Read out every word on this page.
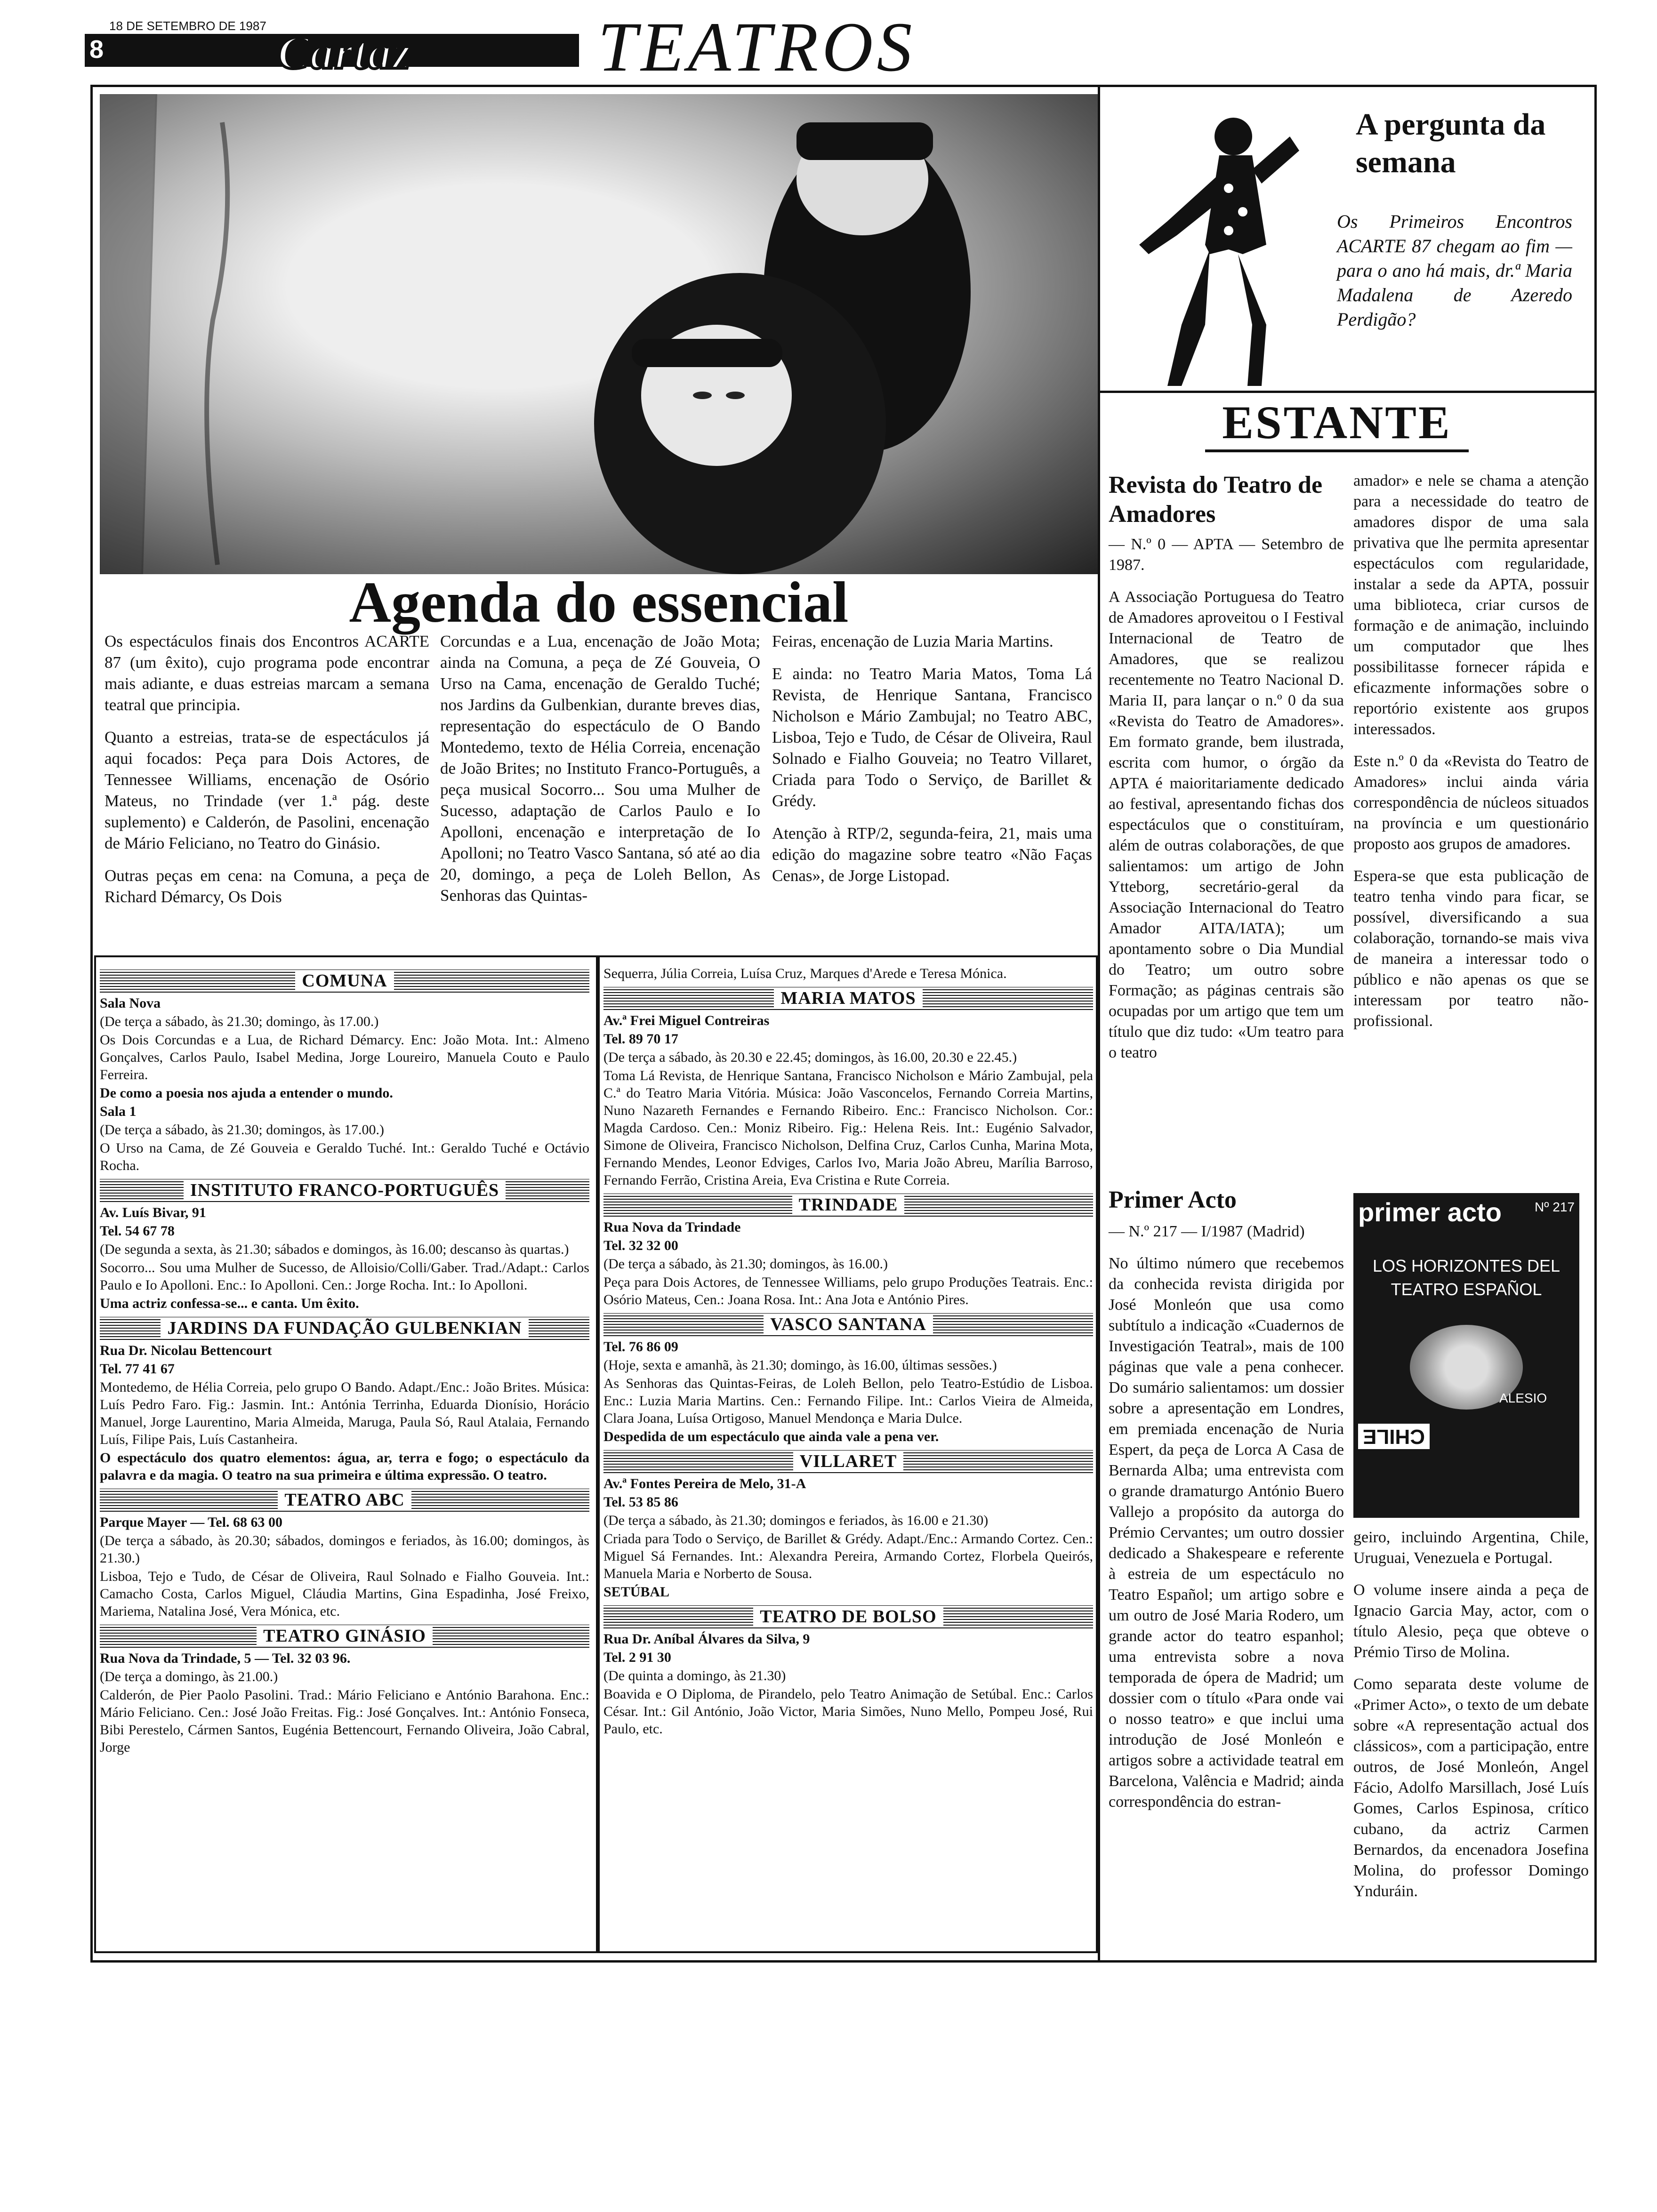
18 DE SETEMBRO DE 1987
8	Cartaz	TEATROS
Agenda do essencial

Os espectáculos finais dos Encontros ACARTE 87 (um êxito), cujo programa pode encontrar mais adiante, e duas estreias marcam a semana teatral que principia.

Quanto a estreias, trata-se de espectáculos já aqui focados: Peça para Dois Actores, de Tennessee Williams, encenação de Osório Mateus, no Trindade (ver 1.ª pág. deste suplemento) e Calderón, de Pasolini, encenação de Mário Feliciano, no Teatro do Ginásio.

Outras peças em cena: na Comuna, a peça de Richard Démarcy, Os Dois

Corcundas e a Lua, encenação de João Mota; ainda na Comuna, a peça de Zé Gouveia, O Urso na Cama, encenação de Geraldo Tuché; nos Jardins da Gulbenkian, durante breves dias, representação do espectáculo de O Bando Montedemo, texto de Hélia Correia, encenação de João Brites; no Instituto Franco-Português, a peça musical Socorro... Sou uma Mulher de Sucesso, adaptação de Carlos Paulo e Io Apolloni, encenação e interpretação de Io Apolloni; no Teatro Vasco Santana, só até ao dia 20, domingo, a peça de Loleh Bellon, As Senhoras das Quintas-

Feiras, encenação de Luzia Maria Martins.

E ainda: no Teatro Maria Matos, Toma Lá Revista, de Henrique Santana, Francisco Nicholson e Mário Zambujal; no Teatro ABC, Lisboa, Tejo e Tudo, de César de Oliveira, Raul Solnado e Fialho Gouveia; no Teatro Villaret, Criada para Todo o Serviço, de Barillet & Grédy.

Atenção à RTP/2, segunda-feira, 21, mais uma edição do magazine sobre teatro «Não Faças Cenas», de Jorge Listopad.

A pergunta da semana
Os Primeiros Encontros ACARTE 87 chegam ao fim — para o ano há mais, dr.ª Maria Madalena de Azeredo Perdigão?
ESTANTE
Revista do Teatro de Amadores

— N.º 0 — APTA — Setembro de 1987.

A Associação Portuguesa do Teatro de Amadores aproveitou o I Festival Internacional de Teatro de Amadores, que se realizou recentemente no Teatro Nacional D. Maria II, para lançar o n.º 0 da sua «Revista do Teatro de Amadores». Em formato grande, bem ilustrada, escrita com humor, o órgão da APTA é maioritariamente dedicado ao festival, apresentando fichas dos espectáculos que o constituíram, além de outras colaborações, de que salientamos: um artigo de John Ytteborg, secretário-geral da Associação Internacional do Teatro Amador AITA/IATA); um apontamento sobre o Dia Mundial do Teatro; um outro sobre Formação; as páginas centrais são ocupadas por um artigo que tem um título que diz tudo: «Um teatro para o teatro

amador» e nele se chama a atenção para a necessidade do teatro de amadores dispor de uma sala privativa que lhe permita apresentar espectáculos com regularidade, instalar a sede da APTA, possuir uma biblioteca, criar cursos de formação e de animação, incluindo um computador que lhes possibilitasse fornecer rápida e eficazmente informações sobre o reportório existente aos grupos interessados.

Este n.º 0 da «Revista do Teatro de Amadores» inclui ainda vária correspondência de núcleos situados na província e um questionário proposto aos grupos de amadores.

Espera-se que esta publicação de teatro tenha vindo para ficar, se possível, diversificando a sua colaboração, tornando-se mais viva de maneira a interessar todo o público e não apenas os que se interessam por teatro não-profissional.

Primer Acto

— N.º 217 — I/1987 (Madrid)

No último número que recebemos da conhecida revista dirigida por José Monleón que usa como subtítulo a indicação «Cuadernos de Investigación Teatral», mais de 100 páginas que vale a pena conhecer. Do sumário salientamos: um dossier sobre a apresentação em Londres, em premiada encenação de Nuria Espert, da peça de Lorca A Casa de Bernarda Alba; uma entrevista com o grande dramaturgo António Buero Vallejo a propósito da autorga do Prémio Cervantes; um outro dossier dedicado a Shakespeare e referente à estreia de um espectáculo no Teatro Español; um artigo sobre e um outro de José Maria Rodero, um grande actor do teatro espanhol; uma entrevista sobre a nova temporada de ópera de Madrid; um dossier com o título «Para onde vai o nosso teatro» e que inclui uma introdução de José Monleón e artigos sobre a actividade teatral em Barcelona, Valência e Madrid; ainda correspondência do estran-

primer acto	Nº 217
LOS HORIZONTES DEL TEATRO ESPAÑOL
ALESIO
CHILE

geiro, incluindo Argentina, Chile, Uruguai, Venezuela e Portugal.

O volume insere ainda a peça de Ignacio Garcia May, actor, com o título Alesio, peça que obteve o Prémio Tirso de Molina.

Como separata deste volume de «Primer Acto», o texto de um debate sobre «A representação actual dos clássicos», com a participação, entre outros, de José Monleón, Angel Fácio, Adolfo Marsillach, José Luís Gomes, Carlos Espinosa, crítico cubano, da actriz Carmen Bernardos, da encenadora Josefina Molina, do professor Domingo Ynduráin.

COMUNA

Sala Nova

(De terça a sábado, às 21.30; domingo, às 17.00.)

Os Dois Corcundas e a Lua, de Richard Démarcy. Enc: João Mota. Int.: Almeno Gonçalves, Carlos Paulo, Isabel Medina, Jorge Loureiro, Manuela Couto e Paulo Ferreira.

De como a poesia nos ajuda a entender o mundo.

Sala 1

(De terça a sábado, às 21.30; domingos, às 17.00.)

O Urso na Cama, de Zé Gouveia e Geraldo Tuché. Int.: Geraldo Tuché e Octávio Rocha.

INSTITUTO FRANCO-PORTUGUÊS

Av. Luís Bivar, 91

Tel. 54 67 78

(De segunda a sexta, às 21.30; sábados e domingos, às 16.00; descanso às quartas.)

Socorro... Sou uma Mulher de Sucesso, de Alloisio/Colli/Gaber. Trad./Adapt.: Carlos Paulo e Io Apolloni. Enc.: Io Apolloni. Cen.: Jorge Rocha. Int.: Io Apolloni.

Uma actriz confessa-se... e canta. Um êxito.

JARDINS DA FUNDAÇÃO GULBENKIAN

Rua Dr. Nicolau Bettencourt

Tel. 77 41 67

Montedemo, de Hélia Correia, pelo grupo O Bando. Adapt./Enc.: João Brites. Música: Luís Pedro Faro. Fig.: Jasmin. Int.: Antónia Terrinha, Eduarda Dionísio, Horácio Manuel, Jorge Laurentino, Maria Almeida, Maruga, Paula Só, Raul Atalaia, Fernando Luís, Filipe Pais, Luís Castanheira.

O espectáculo dos quatro elementos: água, ar, terra e fogo; o espectáculo da palavra e da magia. O teatro na sua primeira e última expressão. O teatro.

TEATRO ABC

Parque Mayer — Tel. 68 63 00

(De terça a sábado, às 20.30; sábados, domingos e feriados, às 16.00; domingos, às 21.30.)

Lisboa, Tejo e Tudo, de César de Oliveira, Raul Solnado e Fialho Gouveia. Int.: Camacho Costa, Carlos Miguel, Cláudia Martins, Gina Espadinha, José Freixo, Mariema, Natalina José, Vera Mónica, etc.

TEATRO GINÁSIO

Rua Nova da Trindade, 5 — Tel. 32 03 96.

(De terça a domingo, às 21.00.)

Calderón, de Pier Paolo Pasolini. Trad.: Mário Feliciano e António Barahona. Enc.: Mário Feliciano. Cen.: José João Freitas. Fig.: José Gonçalves. Int.: António Fonseca, Bibi Perestelo, Cármen Santos, Eugénia Bettencourt, Fernando Oliveira, João Cabral, Jorge

Sequerra, Júlia Correia, Luísa Cruz, Marques d'Arede e Teresa Mónica.

MARIA MATOS

Av.ª Frei Miguel Contreiras

Tel. 89 70 17

(De terça a sábado, às 20.30 e 22.45; domingos, às 16.00, 20.30 e 22.45.)

Toma Lá Revista, de Henrique Santana, Francisco Nicholson e Mário Zambujal, pela C.ª do Teatro Maria Vitória. Música: João Vasconcelos, Fernando Correia Martins, Nuno Nazareth Fernandes e Fernando Ribeiro. Enc.: Francisco Nicholson. Cor.: Magda Cardoso. Cen.: Moniz Ribeiro. Fig.: Helena Reis. Int.: Eugénio Salvador, Simone de Oliveira, Francisco Nicholson, Delfina Cruz, Carlos Cunha, Marina Mota, Fernando Mendes, Leonor Edviges, Carlos Ivo, Maria João Abreu, Marília Barroso, Fernando Ferrão, Cristina Areia, Eva Cristina e Rute Correia.

TRINDADE

Rua Nova da Trindade

Tel. 32 32 00

(De terça a sábado, às 21.30; domingos, às 16.00.)

Peça para Dois Actores, de Tennessee Williams, pelo grupo Produções Teatrais. Enc.: Osório Mateus, Cen.: Joana Rosa. Int.: Ana Jota e António Pires.

VASCO SANTANA

Tel. 76 86 09

(Hoje, sexta e amanhã, às 21.30; domingo, às 16.00, últimas sessões.)

As Senhoras das Quintas-Feiras, de Loleh Bellon, pelo Teatro-Estúdio de Lisboa. Enc.: Luzia Maria Martins. Cen.: Fernando Filipe. Int.: Carlos Vieira de Almeida, Clara Joana, Luísa Ortigoso, Manuel Mendonça e Maria Dulce.

Despedida de um espectáculo que ainda vale a pena ver.

VILLARET

Av.ª Fontes Pereira de Melo, 31-A

Tel. 53 85 86

(De terça a sábado, às 21.30; domingos e feriados, às 16.00 e 21.30)

Criada para Todo o Serviço, de Barillet & Grédy. Adapt./Enc.: Armando Cortez. Cen.: Miguel Sá Fernandes. Int.: Alexandra Pereira, Armando Cortez, Florbela Queirós, Manuela Maria e Norberto de Sousa.

SETÚBAL

TEATRO DE BOLSO

Rua Dr. Aníbal Álvares da Silva, 9

Tel. 2 91 30

(De quinta a domingo, às 21.30)

Boavida e O Diploma, de Pirandelo, pelo Teatro Animação de Setúbal. Enc.: Carlos César. Int.: Gil António, João Victor, Maria Simões, Nuno Mello, Pompeu José, Rui Paulo, etc.
